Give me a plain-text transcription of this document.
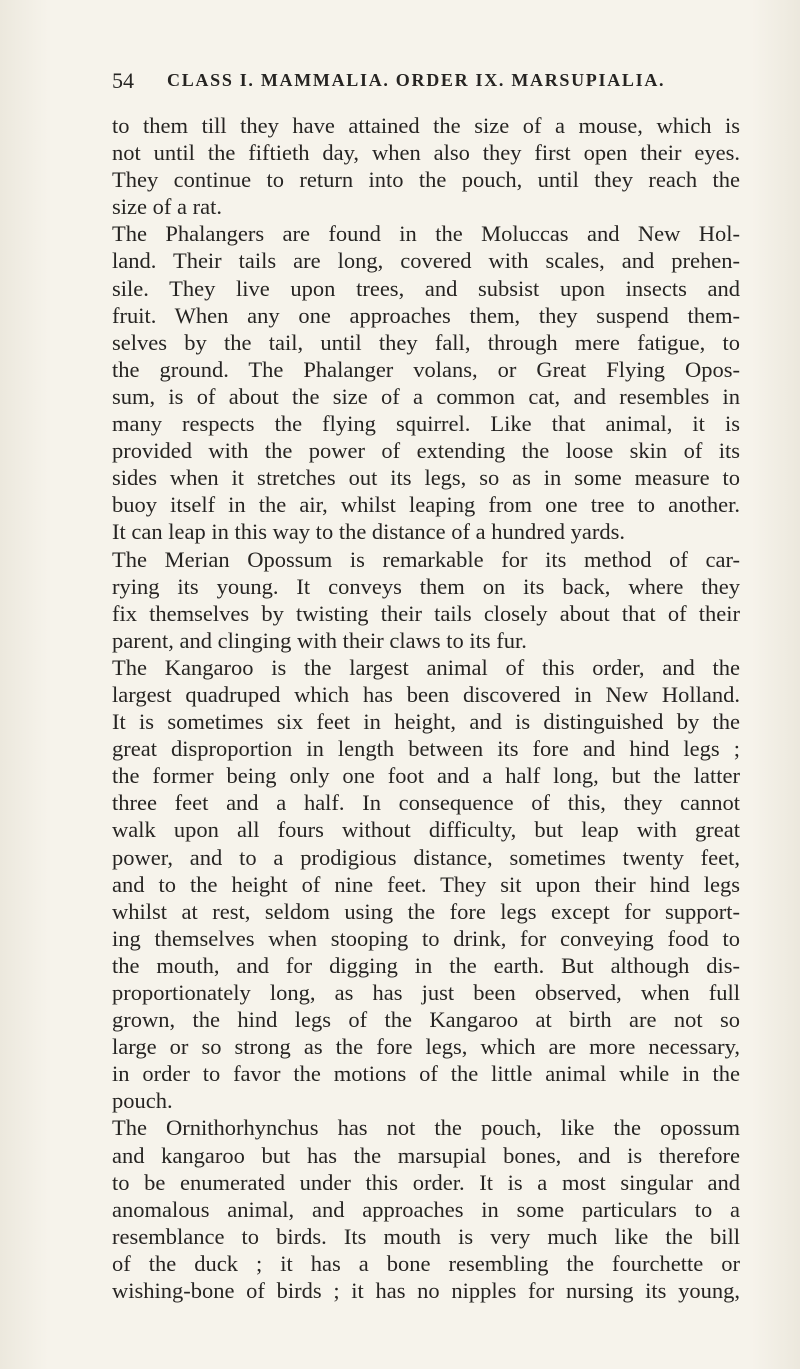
54 CLASS I. MAMMALIA. ORDER IX. MARSUPIALIA.
to them till they have attained the size of a mouse, which is
not until the fiftieth day, when also they first open their eyes.
They continue to return into the pouch, until they reach the
size of a rat.
The Phalangers are found in the Moluccas and New Hol-
land. Their tails are long, covered with scales, and prehen-
sile. They live upon trees, and subsist upon insects and
fruit. When any one approaches them, they suspend them-
selves by the tail, until they fall, through mere fatigue, to
the ground. The Phalanger volans, or Great Flying Opos-
sum, is of about the size of a common cat, and resembles in
many respects the flying squirrel. Like that animal, it is
provided with the power of extending the loose skin of its
sides when it stretches out its legs, so as in some measure to
buoy itself in the air, whilst leaping from one tree to another.
It can leap in this way to the distance of a hundred yards.
The Merian Opossum is remarkable for its method of car-
rying its young. It conveys them on its back, where they
fix themselves by twisting their tails closely about that of their
parent, and clinging with their claws to its fur.
The Kangaroo is the largest animal of this order, and the
largest quadruped which has been discovered in New Holland.
It is sometimes six feet in height, and is distinguished by the
great disproportion in length between its fore and hind legs ;
the former being only one foot and a half long, but the latter
three feet and a half. In consequence of this, they cannot
walk upon all fours without difficulty, but leap with great
power, and to a prodigious distance, sometimes twenty feet,
and to the height of nine feet. They sit upon their hind legs
whilst at rest, seldom using the fore legs except for support-
ing themselves when stooping to drink, for conveying food to
the mouth, and for digging in the earth. But although dis-
proportionately long, as has just been observed, when full
grown, the hind legs of the Kangaroo at birth are not so
large or so strong as the fore legs, which are more necessary,
in order to favor the motions of the little animal while in the
pouch.
The Ornithorhynchus has not the pouch, like the opossum
and kangaroo but has the marsupial bones, and is therefore
to be enumerated under this order. It is a most singular and
anomalous animal, and approaches in some particulars to a
resemblance to birds. Its mouth is very much like the bill
of the duck ; it has a bone resembling the fourchette or
wishing-bone of birds ; it has no nipples for nursing its young,
